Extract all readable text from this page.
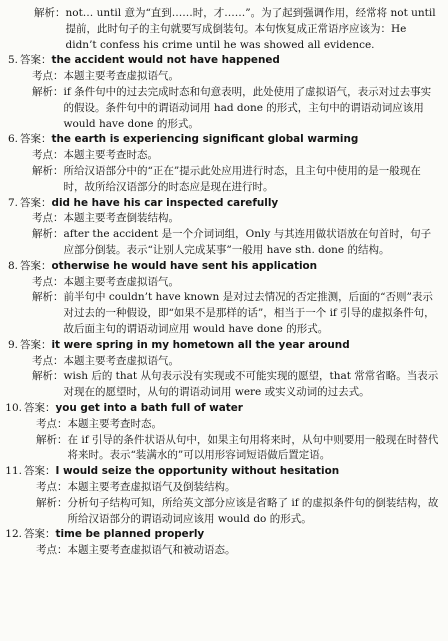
解析： not… until 意为“直到……时，才……”。为了起到强调作用，经常将 not until 提前，此时句子的主句就要写成倒装句。本句恢复成正常语序应该为：He didn’t confess his crime until he was showed all evidence.
5. 答案： the accident would not have happened
考点： 本题主要考查虚拟语气。
解析： if 条件句中的过去完成时态和句意表明，此处使用了虚拟语气，表示对过去事实的假设。条件句中的谓语动词用 had done 的形式，主句中的谓语动词应该用 would have done 的形式。
6. 答案： the earth is experiencing significant global warming
考点： 本题主要考查时态。
解析： 所给汉语部分中的“正在”提示此处应用进行时态，且主句中使用的是一般现在时，故所给汉语部分的时态应是现在进行时。
7. 答案： did he have his car inspected carefully
考点： 本题主要考查倒装结构。
解析： after the accident 是一个介词词组，Only 与其连用做状语放在句首时，句子应部分倒装。表示“让别人完成某事”一般用 have sth. done 的结构。
8. 答案： otherwise he would have sent his application
考点： 本题主要考查虚拟语气。
解析： 前半句中 couldn’t have known 是对过去情况的否定推测，后面的“否则”表示对过去的一种假设，即“如果不是那样的话”，相当于一个 if 引导的虚拟条件句，故后面主句的谓语动词应用 would have done 的形式。
9. 答案： it were spring in my hometown all the year around
考点： 本题主要考查虚拟语气。
解析： wish 后的 that 从句表示没有实现或不可能实现的愿望，that 常常省略。当表示对现在的愿望时，从句的谓语动词用 were 或实义动词的过去式。
10. 答案： you get into a bath full of water
考点： 本题主要考查时态。
解析： 在 if 引导的条件状语从句中，如果主句用将来时，从句中则要用一般现在时替代将来时。表示“装满水的”可以用形容词短语做后置定语。
11. 答案： I would seize the opportunity without hesitation
考点： 本题主要考查虚拟语气及倒装结构。
解析： 分析句子结构可知，所给英文部分应该是省略了 if 的虚拟条件句的倒装结构，故所给汉语部分的谓语动词应该用 would do 的形式。
12. 答案： time be planned properly
考点： 本题主要考查虚拟语气和被动语态。
